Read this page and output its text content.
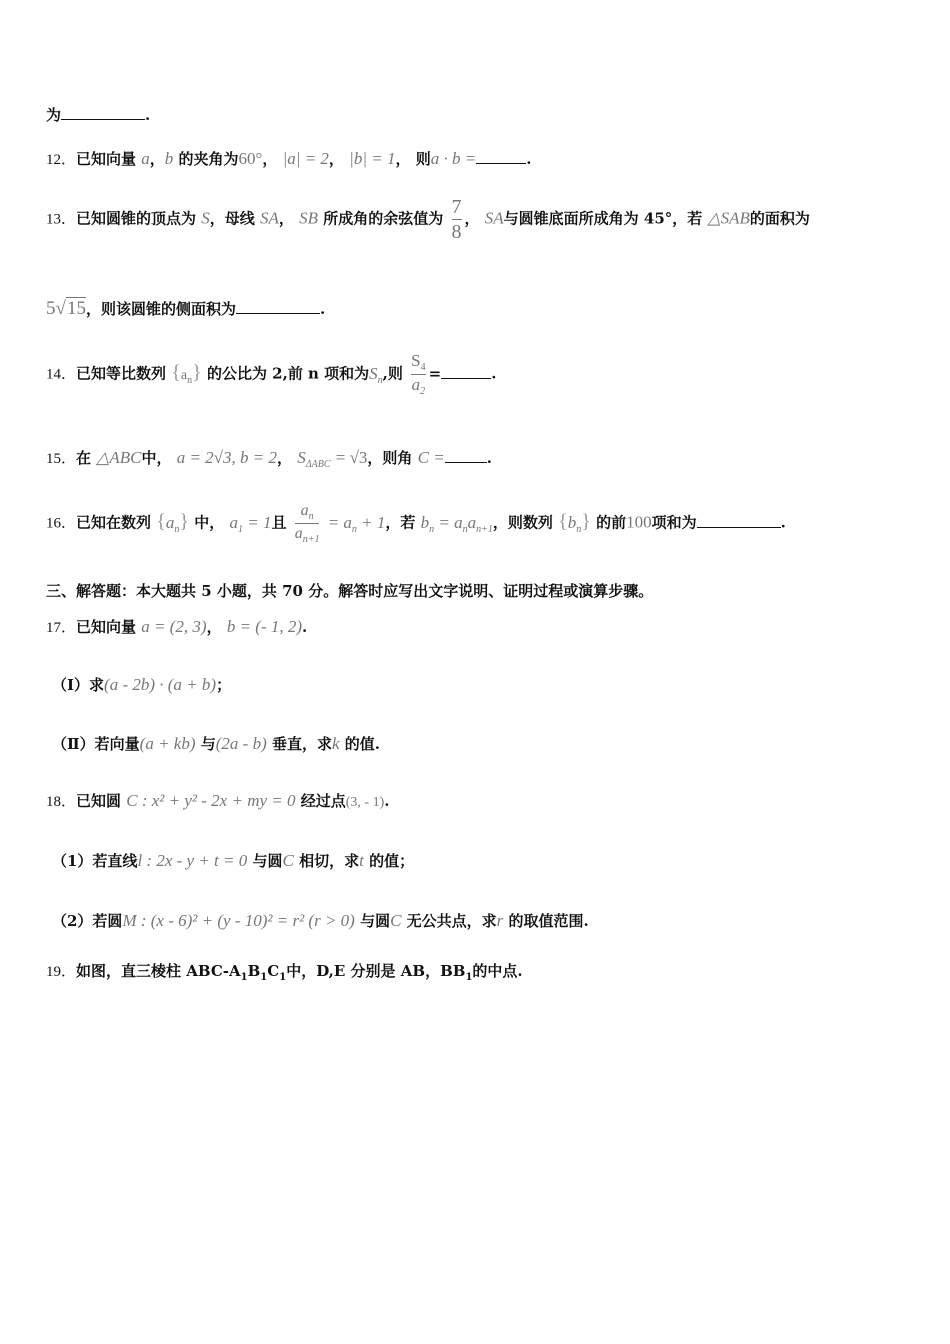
为	.
12．已知向量 a，b 的夹角为60°， |a| = 2， |b| = 1， 则a · b =	.
13．已知圆锥的顶点为 S，母线 SA， SB 所成角的余弦值为 $\frac{7}{8}$ ， SA与圆锥底面所成角为 45°，若 △SAB的面积为
5√15，则该圆锥的侧面积为	.
14．已知等比数列 $\{a_n\}$ 的公比为 2,前 n 项和为$S_n$,则 $\frac{S_4}{a_2}$ =	.
15．在 △ABC中， a = 2√3, b = 2， $S_{\Delta ABC} = √3$，则角 C =	.
16．已知在数列 $\{a_n\}$ 中， $a_1 = 1$且 $\frac{a_n}{a_{n+1}} = a_n + 1$，若 $b_n = a_na_{n+1}$，则数列 $\{b_n\}$ 的前100项和为	.
三、解答题：本大题共 5 小题，共 70 分。解答时应写出文字说明、证明过程或演算步骤。
17．已知向量 a = (2, 3)， b = (- 1, 2).
（Ⅰ）求(a - 2b) · (a + b)；
（Ⅱ）若向量(a + kb) 与(2a - b) 垂直，求k 的值.
18．已知圆 C : x² + y² - 2x + my = 0 经过点(3, - 1).
（1）若直线l : 2x - y + t = 0 与圆C 相切，求t 的值；
（2）若圆M : (x - 6)² + (y - 10)² = r² (r > 0) 与圆C 无公共点，求r 的取值范围.
19．如图，直三棱柱 ABC-$A_1B_1C_1$中，D,E 分别是 AB，$BB_1$的中点.
